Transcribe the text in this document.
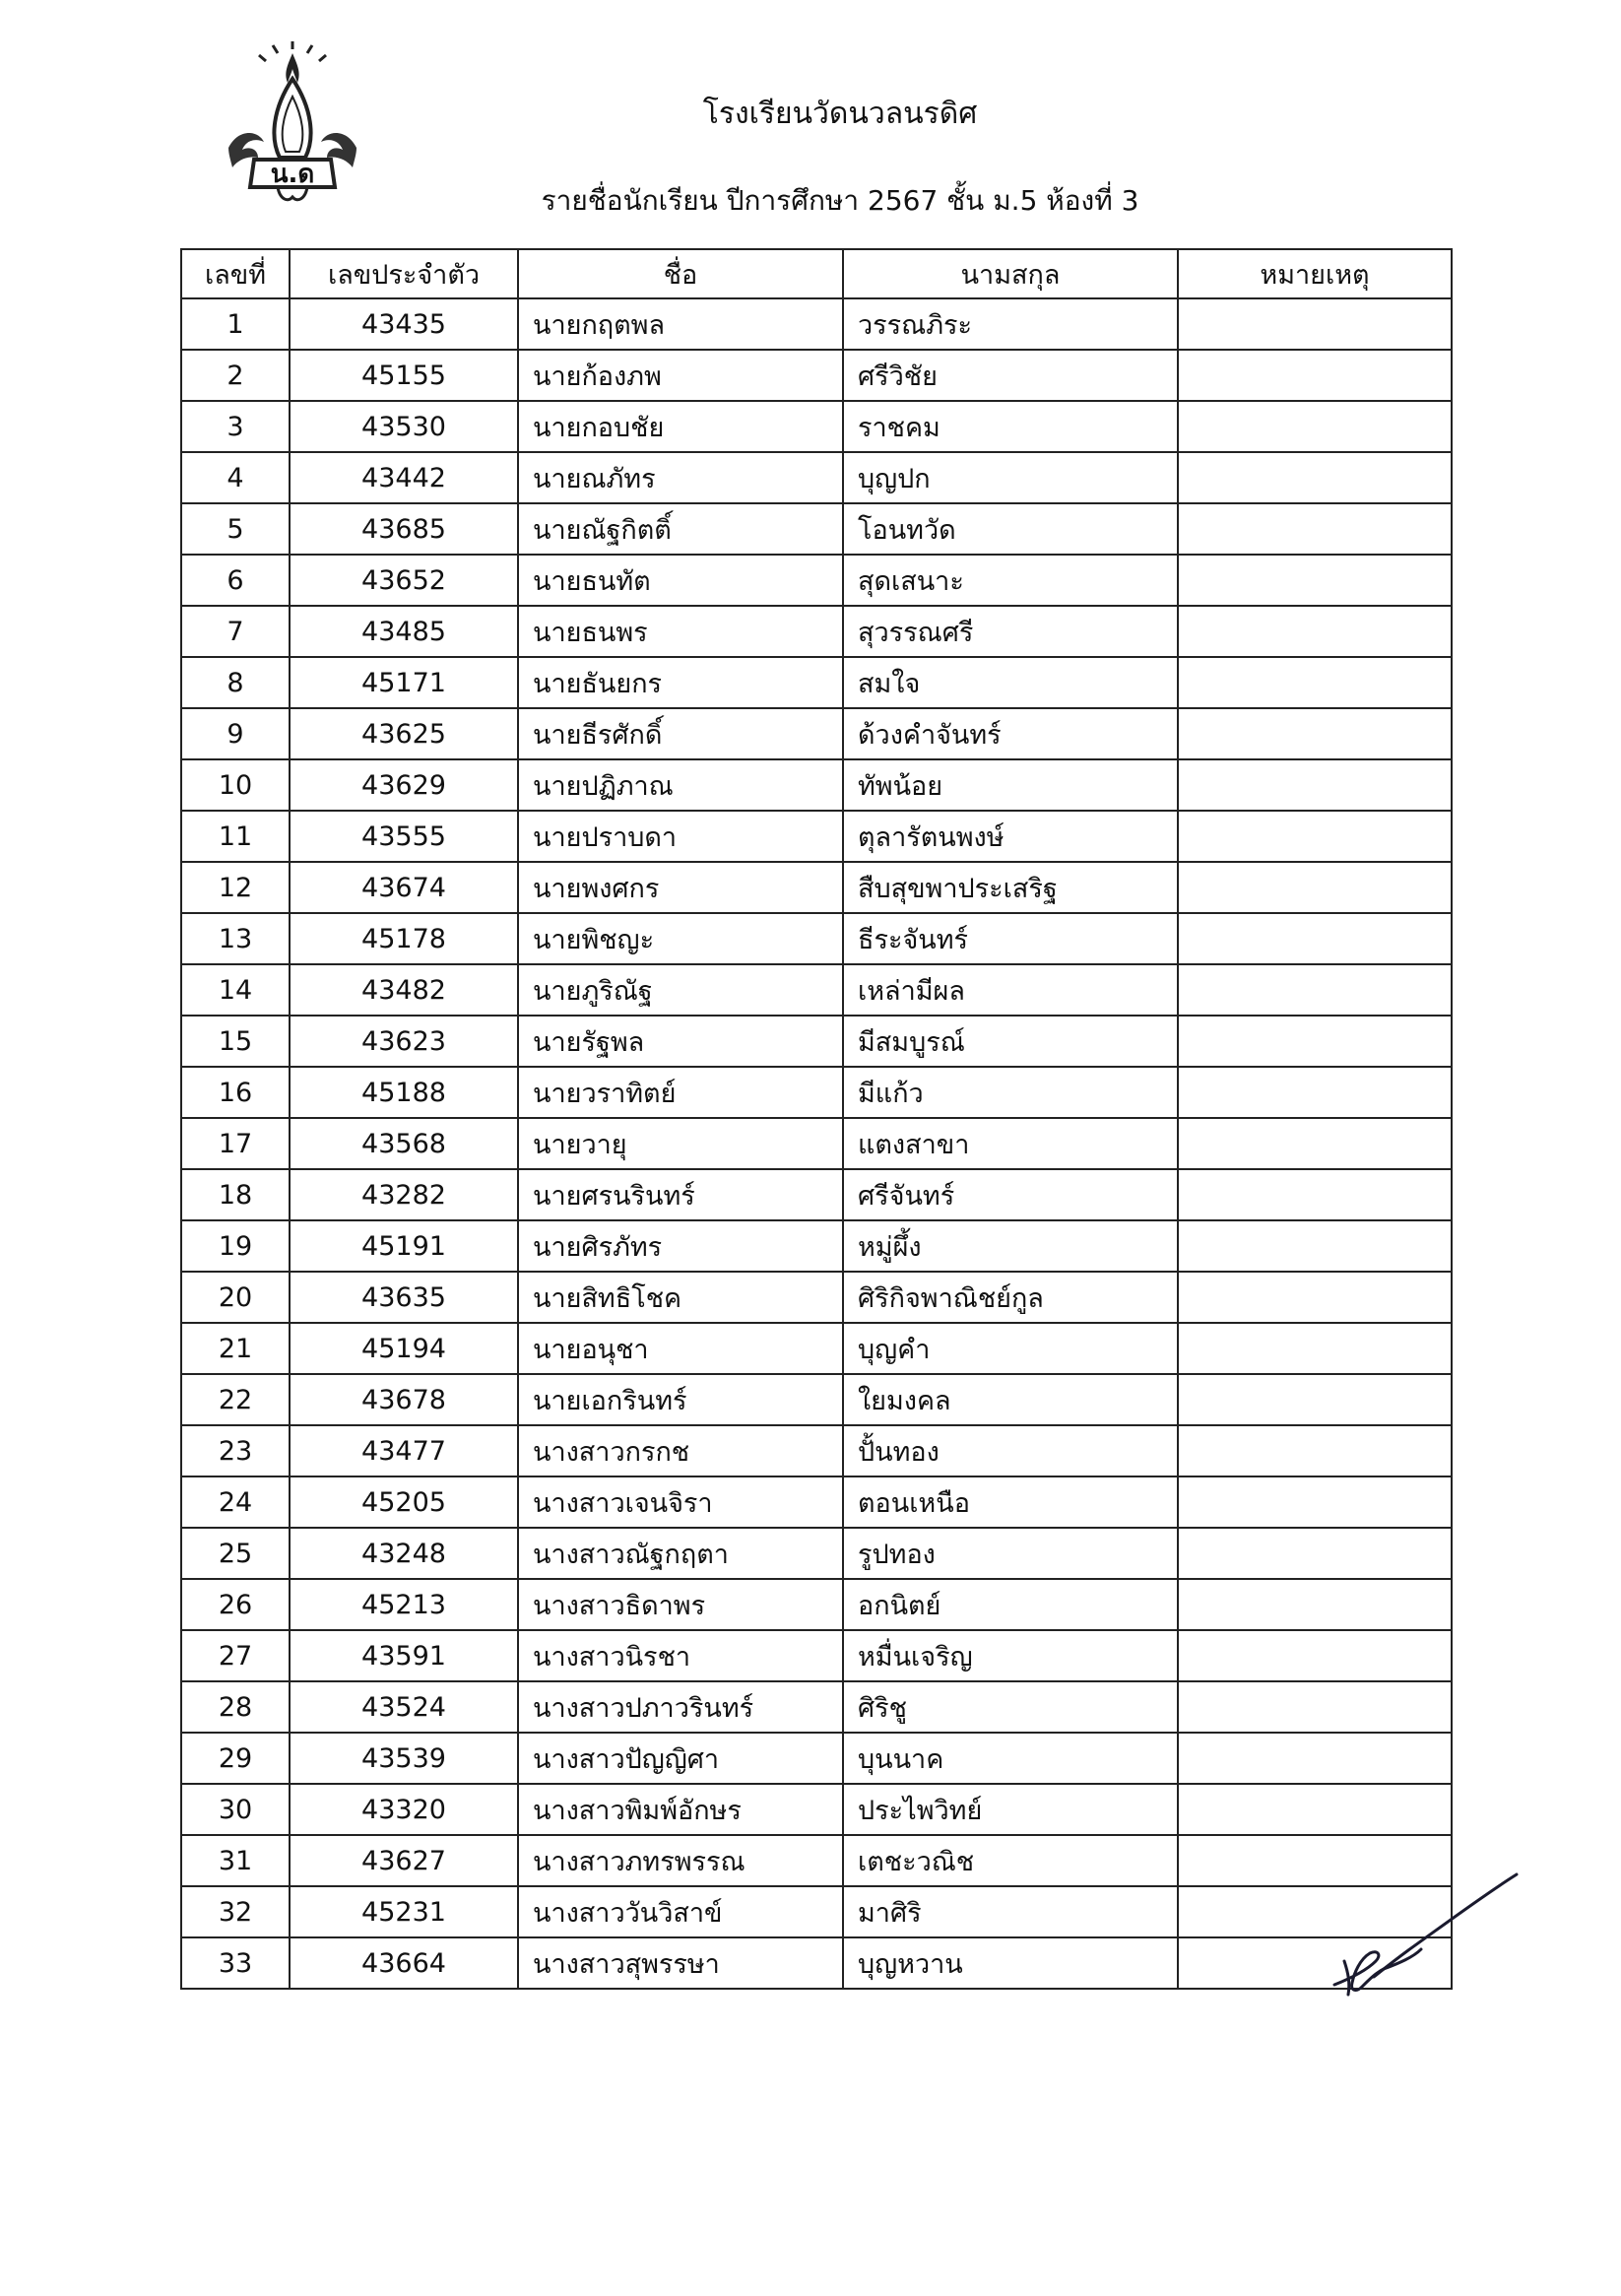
น.ด
โรงเรียนวัดนวลนรดิศ
รายชื่อนักเรียน ปีการศึกษา 2567 ชั้น ม.5 ห้องที่ 3
เลขที่	เลขประจำตัว	ชื่อ	นามสกุล	หมายเหตุ
1	43435	นายกฤตพล	วรรณภิระ	
2	45155	นายก้องภพ	ศรีวิชัย	
3	43530	นายกอบชัย	ราชคม	
4	43442	นายณภัทร	บุญปก	
5	43685	นายณัฐกิตติ์	โอนทวัด	
6	43652	นายธนทัต	สุดเสนาะ	
7	43485	นายธนพร	สุวรรณศรี	
8	45171	นายธันยกร	สมใจ	
9	43625	นายธีรศักดิ์	ด้วงคำจันทร์	
10	43629	นายปฏิภาณ	ทัพน้อย	
11	43555	นายปราบดา	ตุลารัตนพงษ์	
12	43674	นายพงศกร	สืบสุขพาประเสริฐ	
13	45178	นายพิชญะ	ธีระจันทร์	
14	43482	นายภูริณัฐ	เหล่ามีผล	
15	43623	นายรัฐพล	มีสมบูรณ์	
16	45188	นายวราทิตย์	มีแก้ว	
17	43568	นายวายุ	แตงสาขา	
18	43282	นายศรนรินทร์	ศรีจันทร์	
19	45191	นายศิรภัทร	หมู่ผึ้ง	
20	43635	นายสิทธิโชค	ศิริกิจพาณิชย์กูล	
21	45194	นายอนุชา	บุญคำ	
22	43678	นายเอกรินทร์	ใยมงคล	
23	43477	นางสาวกรกช	ปั้นทอง	
24	45205	นางสาวเจนจิรา	ตอนเหนือ	
25	43248	นางสาวณัฐกฤตา	รูปทอง	
26	45213	นางสาวธิดาพร	อกนิตย์	
27	43591	นางสาวนิรชา	หมื่นเจริญ	
28	43524	นางสาวปภาวรินทร์	ศิริชู	
29	43539	นางสาวปัญญิศา	บุนนาค	
30	43320	นางสาวพิมพ์อักษร	ประไพวิทย์	
31	43627	นางสาวภทรพรรณ	เตชะวณิช	
32	45231	นางสาววันวิสาข์	มาศิริ	
33	43664	นางสาวสุพรรษา	บุญหวาน	
